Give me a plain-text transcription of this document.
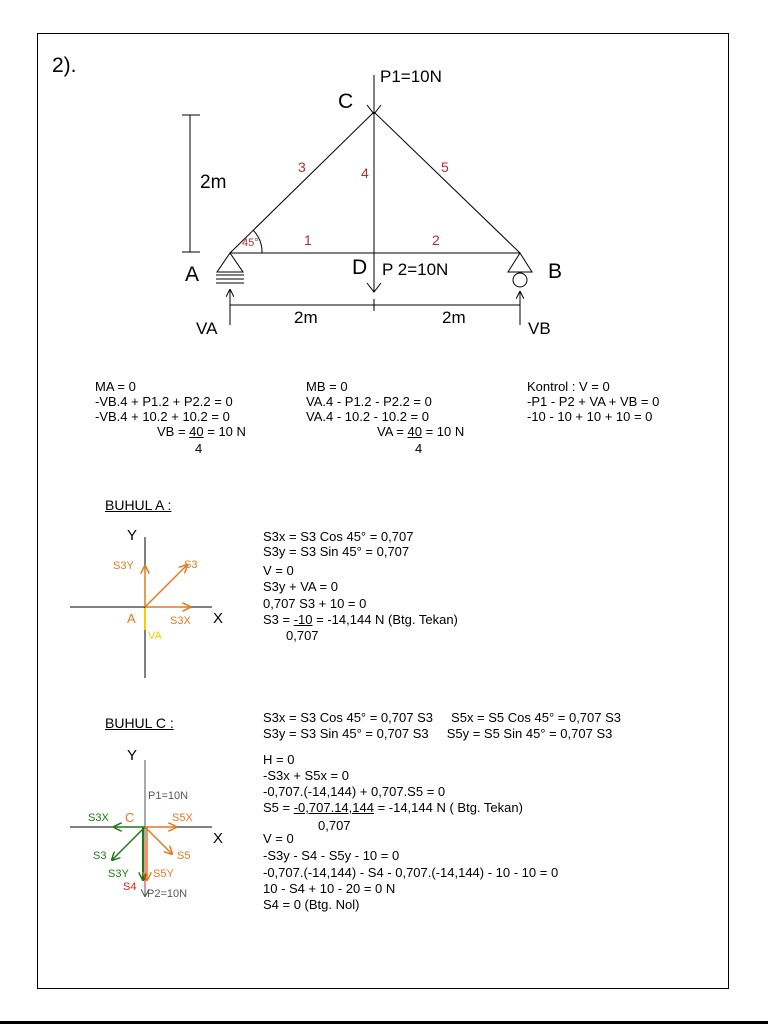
2).
C
P1=10N
A	B
D P 2=10N
2m
2m	2m
VA	VB
45°
3	4	5
1	2
Y
X
A
S3Y	S3
S3X
VA
Y
X
C
P1=10N
S3X	S5X
S3	S5
S3Y S5Y
S4
P2=10N
MA = 0
-VB.4 + P1.2 + P2.2 = 0
-VB.4 + 10.2 + 10.2 = 0
VB = 40 = 10 N
4
MB = 0
VA.4 - P1.2 - P2.2 = 0
VA.4 - 10.2 - 10.2 = 0
VA = 40 = 10 N
4
Kontrol : V = 0
-P1 - P2 + VA + VB = 0
-10 - 10 + 10 + 10 = 0
BUHUL A :
S3x = S3 Cos 45° = 0,707
S3y = S3 Sin 45° = 0,707
V = 0
S3y + VA = 0
0,707 S3 + 10 = 0
S3 = -10 = -14,144 N (Btg. Tekan)
0,707
BUHUL C :	S3x = S3 Cos 45° = 0,707 S3     S5x = S5 Cos 45° = 0,707 S3
S3y = S3 Sin 45° = 0,707 S3     S5y = S5 Sin 45° = 0,707 S3
H = 0
-S3x + S5x = 0
-0,707.(-14,144) + 0,707.S5 = 0
S5 = -0,707.14,144 = -14,144 N ( Btg. Tekan)
0,707
V = 0
-S3y - S4 - S5y - 10 = 0
-0,707.(-14,144) - S4 - 0,707.(-14,144) - 10 - 10 = 0
10 - S4 + 10 - 20 = 0 N
S4 = 0 (Btg. Nol)
